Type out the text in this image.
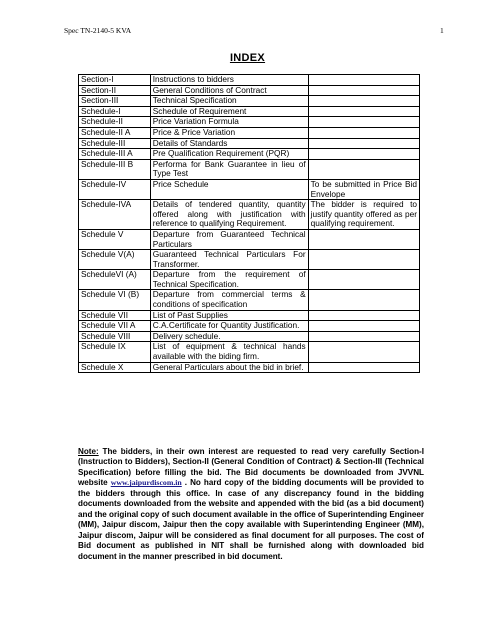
Spec TN-2140-5 KVA	1
INDEX
Section-I	Instructions to bidders	
Section-II	General Conditions of Contract	
Section-III	Technical Specification	
Schedule-I	Schedule of Requirement	
Schedule-II	Price Variation Formula	
Schedule-II A	Price & Price Variation	
Schedule-III	Details of Standards	
Schedule-III A	Pre Qualification Requirement (PQR)	
Schedule-III B	Performa for Bank Guarantee in lieu of Type Test	
Schedule-IV	Price Schedule	To be submitted in Price Bid Envelope
Schedule-IVA	Details of tendered quantity, quantity offered along with justification with reference to qualifying Requirement.	The bidder is required to justify quantity offered as per qualifying requirement.
Schedule V	Departure from Guaranteed Technical Particulars	
Schedule V(A)	Guaranteed Technical Particulars For Transformer.	
ScheduleVI (A)	Departure from the requirement of Technical Specification.	
Schedule VI (B)	Departure from commercial terms & conditions of specification	
Schedule VII	List of Past Supplies	
Schedule VII A	C.A.Certificate for Quantity Justification.	
Schedule VIII	Delivery schedule.	
Schedule IX	List of equipment & technical hands available with the biding firm.	
Schedule X	General Particulars about the bid in brief.	
Note: The bidders, in their own interest are requested to read very carefully Section-I (Instruction to Bidders), Section-II (General Condition of Contract) & Section-III (Technical Specification) before filling the bid. The Bid documents be downloaded from JVVNL website www.jaipurdiscom.in . No hard copy of the bidding documents will be provided to the bidders through this office. In case of any discrepancy found in the bidding documents downloaded from the website and appended with the bid (as a bid document) and the original copy of such document available in the office of Superintending Engineer (MM), Jaipur discom, Jaipur then the copy available with Superintending Engineer (MM), Jaipur discom, Jaipur will be considered as final document for all purposes. The cost of Bid document as published in NIT shall be furnished along with downloaded bid document in the manner prescribed in bid document.
